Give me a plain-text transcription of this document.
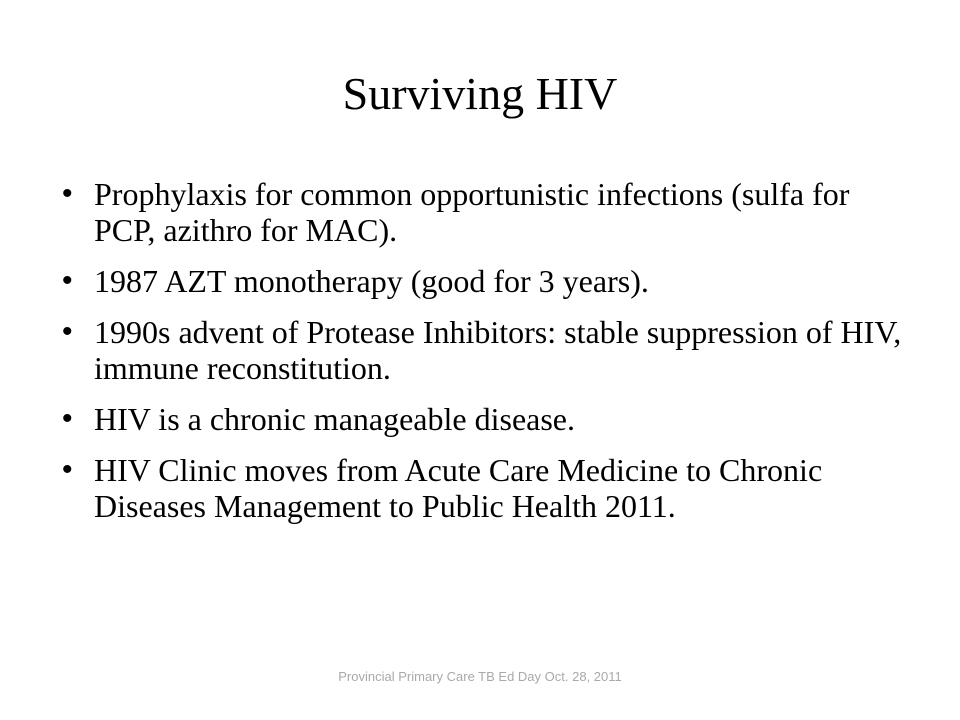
Surviving HIV
• Prophylaxis for common opportunistic infections (sulfa for PCP, azithro for MAC).
• 1987 AZT monotherapy (good for 3 years).
• 1990s advent of Protease Inhibitors: stable suppression of HIV, immune reconstitution.
• HIV is a chronic manageable disease.
• HIV Clinic moves from Acute Care Medicine to Chronic Diseases Management to Public Health 2011.
Provincial Primary Care TB Ed Day Oct. 28, 2011
